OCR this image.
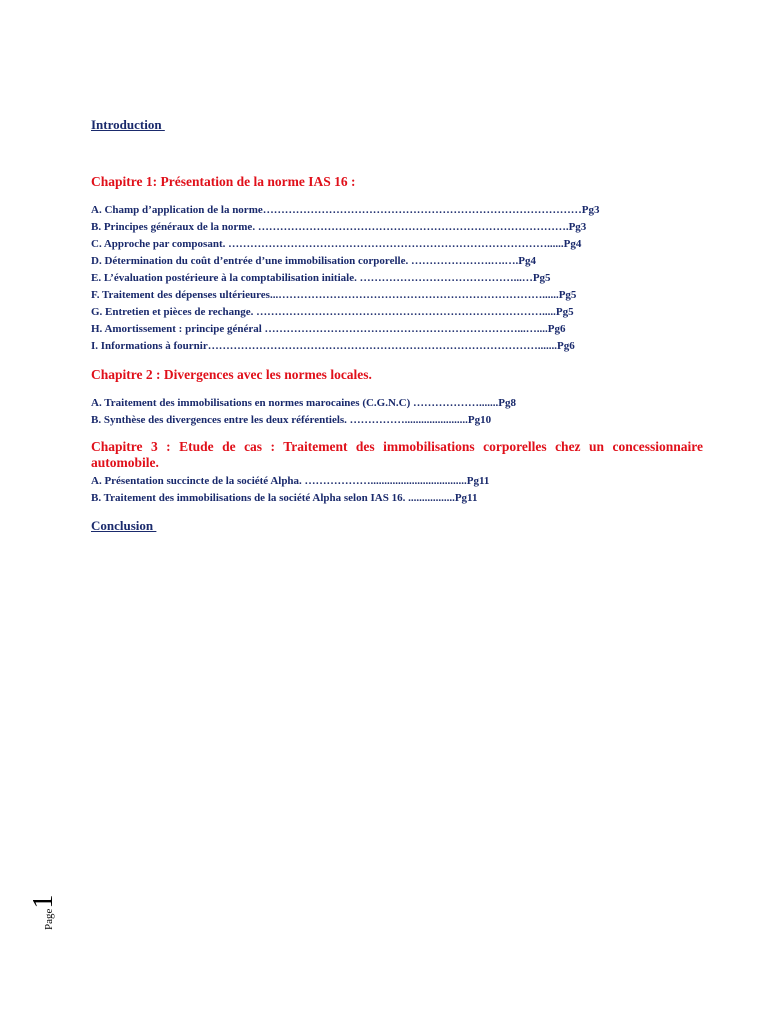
Introduction

Chapitre 1: Présentation de la norme IAS 16 :

A. Champ d’application de la norme……………………………………………………………………………Pg3
B. Principes généraux de la norme. ………………………………………………………………………….Pg3
C. Approche par composant. ……………………………………………………………………………......Pg4
D. Détermination du coût d’entrée d’une immobilisation corporelle. ………………….….….Pg4
E. L’évaluation postérieure à la comptabilisation initiale. ……………………………………...…Pg5
F. Traitement des dépenses ultérieures...………………………………………………………………......Pg5
G. Entretien et pièces de rechange. …………………………………………………………………….....Pg5
H. Amortissement : principe général ……………………………………………………………...…....Pg6
I. Informations à fournir……………………………………………………………………………….......Pg6

Chapitre 2 : Divergences avec les normes locales.

A. Traitement des immobilisations en normes marocaines (C.G.N.C) ……………….......Pg8
B. Synthèse des divergences entre les deux référentiels. …………….......................Pg10

Chapitre 3 : Etude de cas : Traitement des immobilisations corporelles chez un concessionnaire automobile.

A. Présentation succincte de la société Alpha. ………………...................................Pg11
B. Traitement des immobilisations de la société Alpha selon IAS 16. .................Pg11
Conclusion
Page1
